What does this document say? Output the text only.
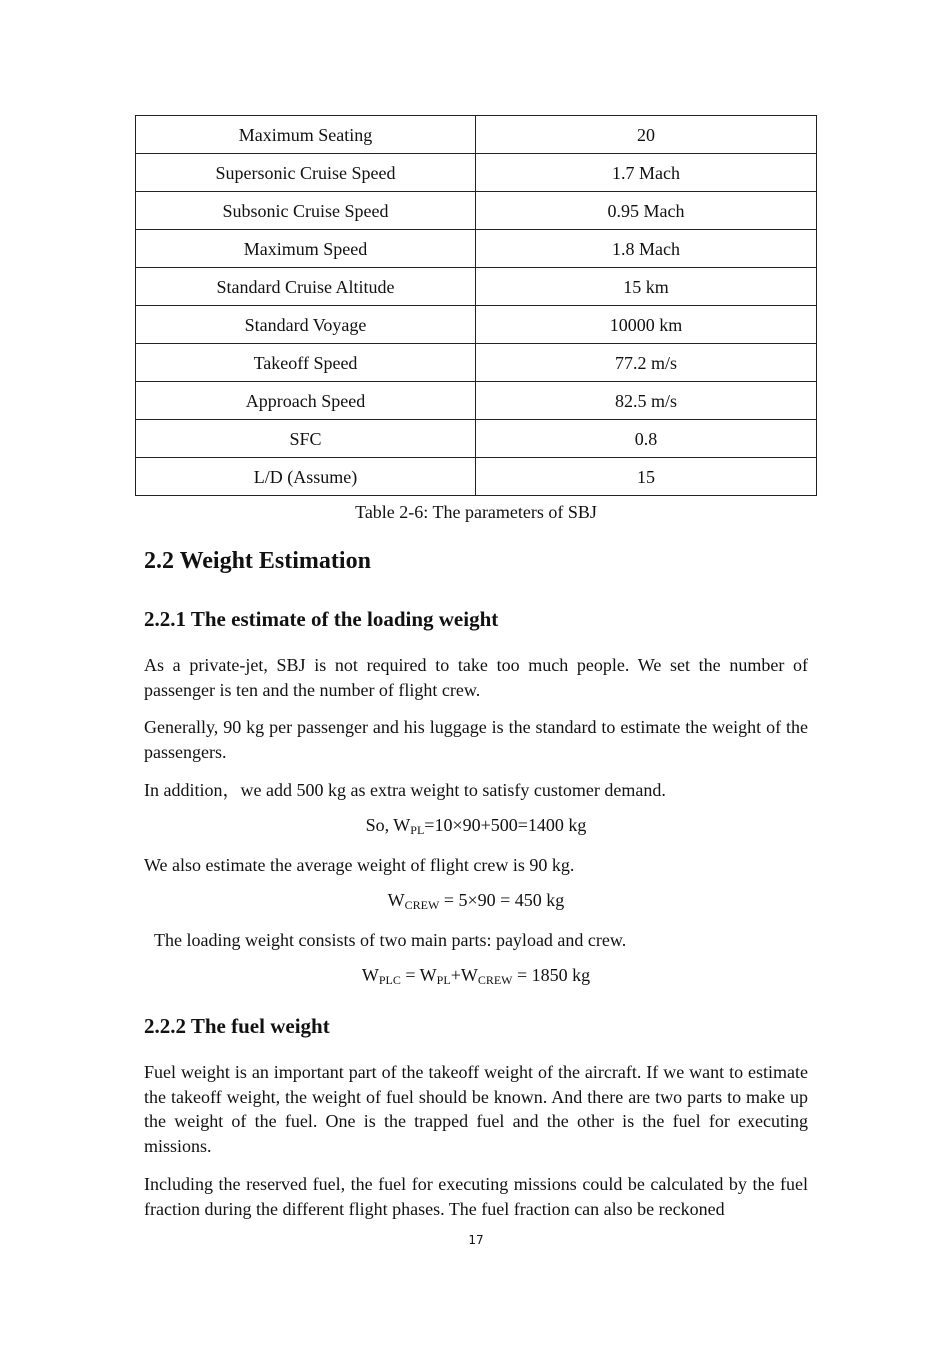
Maximum Seating	20
Supersonic Cruise Speed	1.7 Mach
Subsonic Cruise Speed	0.95 Mach
Maximum Speed	1.8 Mach
Standard Cruise Altitude	15 km
Standard Voyage	10000 km
Takeoff Speed	77.2 m/s
Approach Speed	82.5 m/s
SFC	0.8
L/D (Assume)	15
Table 2-6: The parameters of SBJ
2.2 Weight Estimation
2.2.1 The estimate of the loading weight

As a private-jet, SBJ is not required to take too much people. We set the number of passenger is ten and the number of flight crew.

Generally, 90 kg per passenger and his luggage is the standard to estimate the weight of the passengers.

In addition，we add 500 kg as extra weight to satisfy customer demand.

So, WPL=10×90+500=1400 kg

We also estimate the average weight of flight crew is 90 kg.

WCREW = 5×90 = 450 kg

The loading weight consists of two main parts: payload and crew.

WPLC = WPL+WCREW = 1850 kg
2.2.2 The fuel weight

Fuel weight is an important part of the takeoff weight of the aircraft. If we want to estimate the takeoff weight, the weight of fuel should be known. And there are two parts to make up the weight of the fuel. One is the trapped fuel and the other is the fuel for executing missions.

Including the reserved fuel, the fuel for executing missions could be calculated by the fuel fraction during the different flight phases. The fuel fraction can also be reckoned

17
